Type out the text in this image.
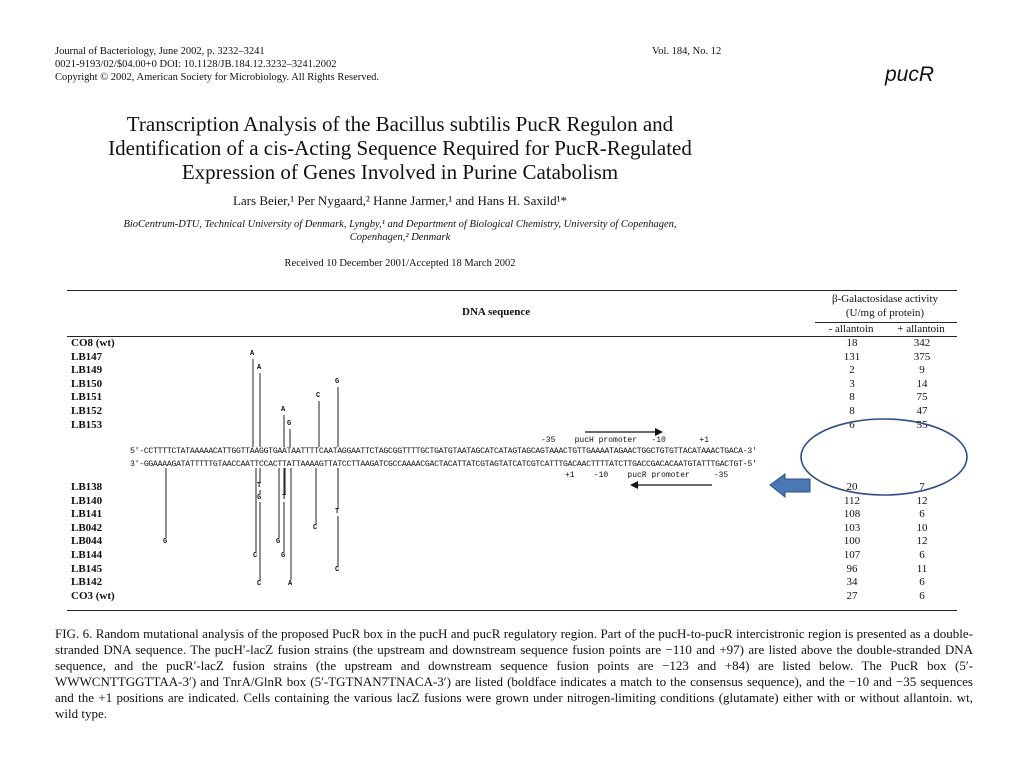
Journal of Bacteriology, June 2002, p. 3232–3241
0021-9193/02/$04.00+0 DOI: 10.1128/JB.184.12.3232–3241.2002
Copyright © 2002, American Society for Microbiology. All Rights Reserved.
Vol. 184, No. 12
pucR
Transcription Analysis of the Bacillus subtilis PucR Regulon and
Identification of a cis-Acting Sequence Required for PucR-Regulated
Expression of Genes Involved in Purine Catabolism
Lars Beier,¹ Per Nygaard,² Hanne Jarmer,¹ and Hans H. Saxild¹*
BioCentrum-DTU, Technical University of Denmark, Lyngby,¹ and Department of Biological Chemistry, University of Copenhagen,
Copenhagen,² Denmark
Received 10 December 2001/Accepted 18 March 2002
DNA sequence
β-Galactosidase activity
(U/mg of protein)
- allantoin	+ allantoin
CO8 (wt)	18	342
LB147	131	375
LB149	2	9
LB150	3	14
LB151	8	75
LB152	8	47
LB153	6	55
LB138	20	7
LB140	112	12
LB141	108	6
LB042	103	10
LB044	100	12
LB144	107	6
LB145	96	11
LB142	34	6
CO3 (wt)	27	6
-35    pucH promoter   -10       +1
+1    -10    pucR promoter     -35
5′-CCTTTTCTATAAAAACATTGGTTAAGGTGAATAATTTTCAATAGGAATTCTAGCGGTTTTGCTGATGTAATAGCATCATAGTAGCAGTAAACTGTTGAAAATAGAACTGGCTGTGTTACATAAACTGACA-3′
3′-GGAAAAGATATTTTTGTAACCAATTCCACTTATTAAAAGTTATCCTTAAGATCGCCAAAACGACTACATTATCGTAGTATCATCGTCATTTGACAACTTTTATCTTGACCGACACAATGTATTTGACTGT-5′
A
A
G
C
A
G
T
G	T
G	G
C
C	G
T
C
A
C
FIG. 6. Random mutational analysis of the proposed PucR box in the pucH and pucR regulatory region. Part of the pucH-to-pucR intercistronic region is presented as a double-stranded DNA sequence. The pucH′-lacZ fusion strains (the upstream and downstream sequence fusion points are −110 and +97) are listed above the double-stranded DNA sequence, and the pucR′-lacZ fusion strains (the upstream and downstream sequence fusion points are −123 and +84) are listed below. The PucR box (5′-WWWCNTTGGTTAA-3′) and TnrA/GlnR box (5′-TGTNAN7TNACA-3′) are listed (boldface indicates a match to the consensus sequence), and the −10 and −35 sequences and the +1 positions are indicated. Cells containing the various lacZ fusions were grown under nitrogen-limiting conditions (glutamate) either with or without allantoin. wt, wild type.
